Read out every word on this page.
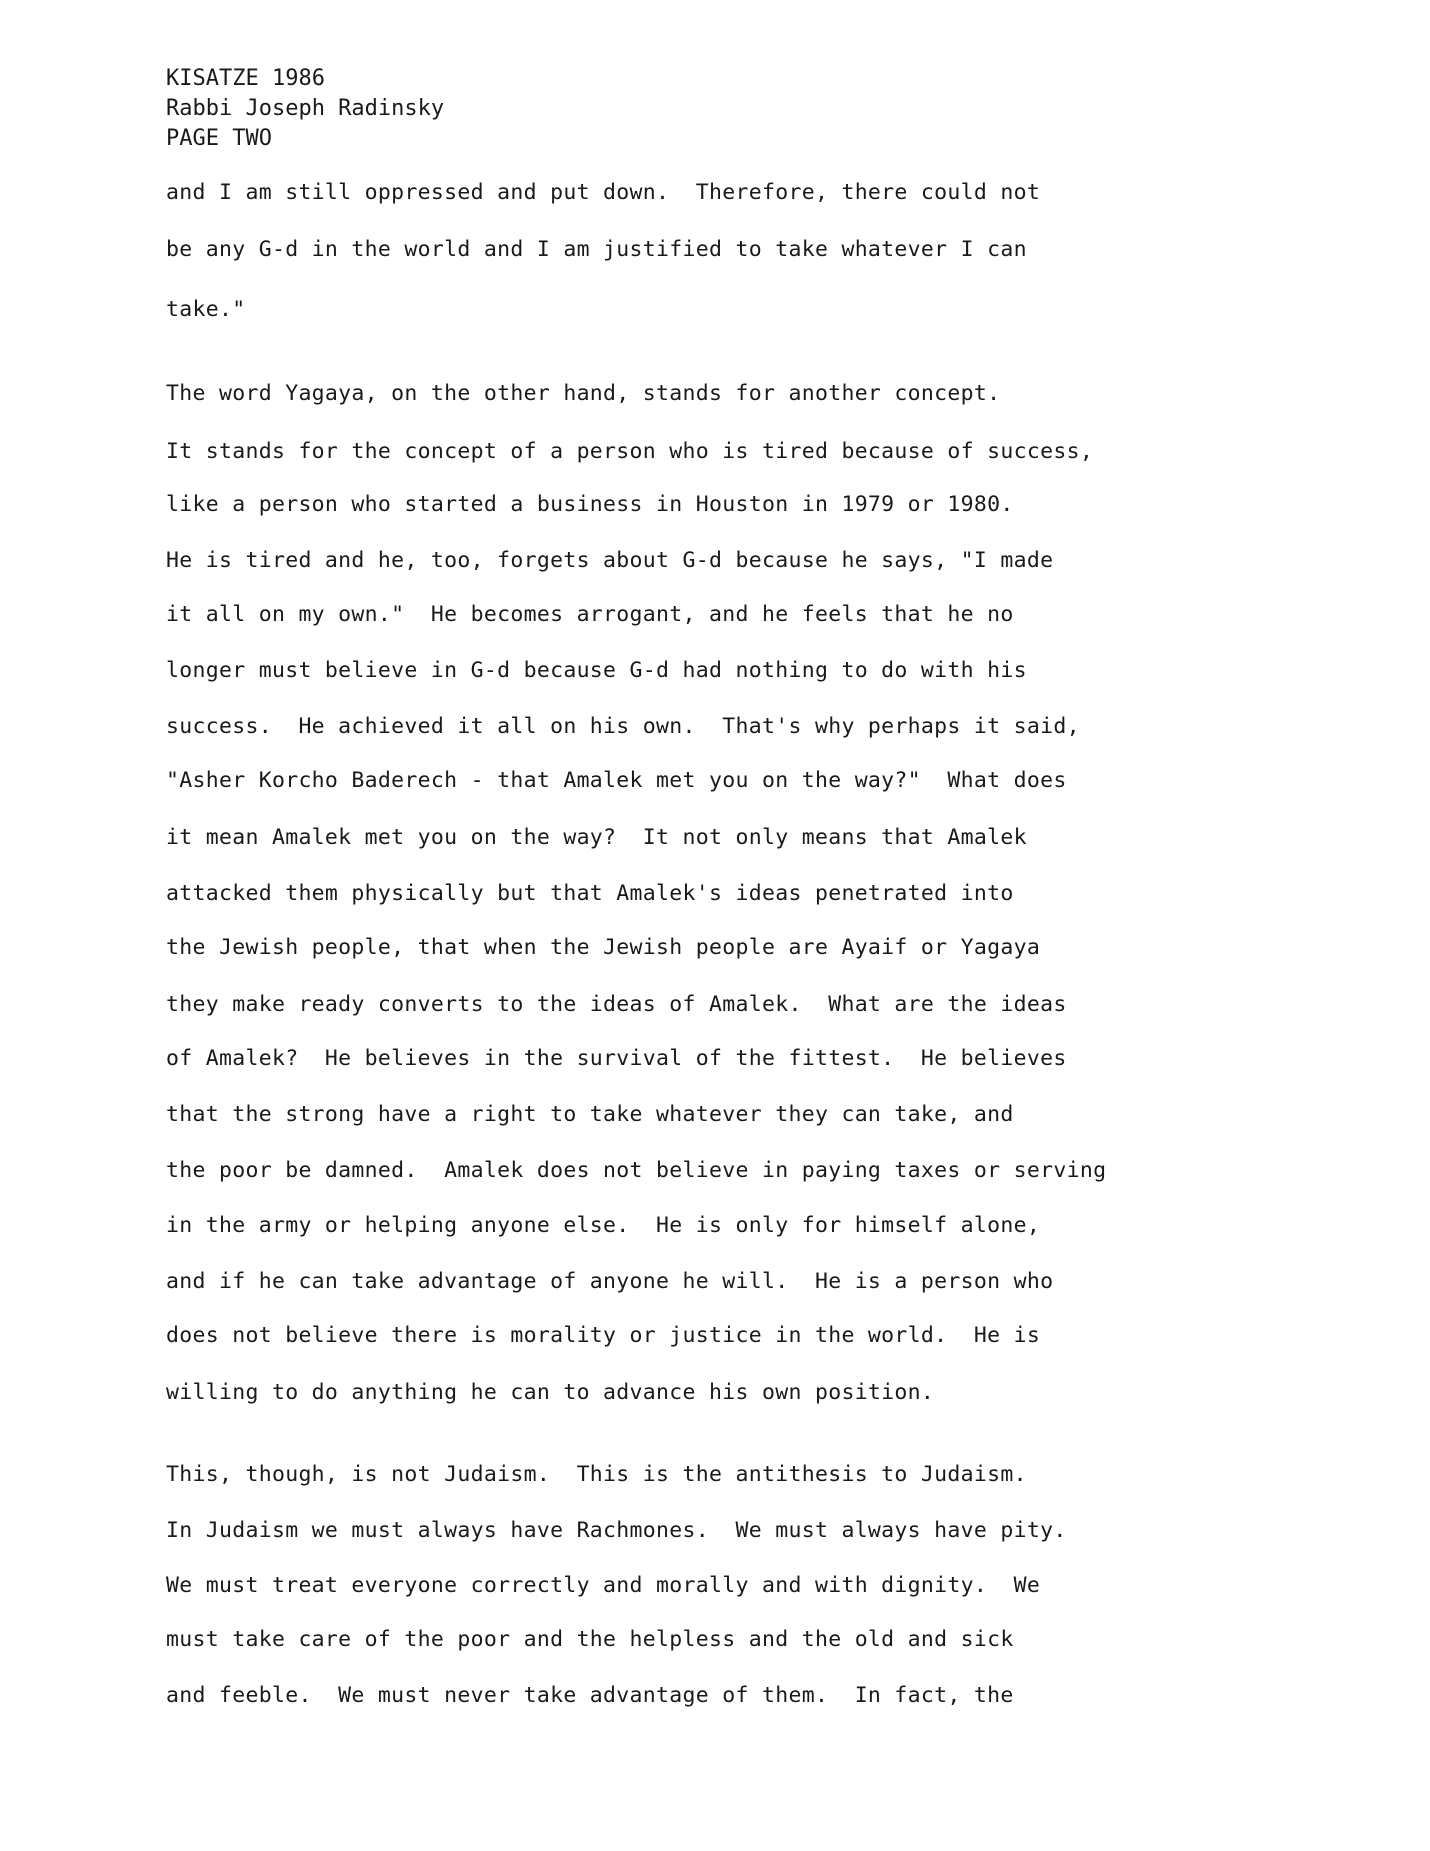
KISATZE 1986
Rabbi Joseph Radinsky
PAGE TWO
and I am still oppressed and put down.  Therefore, there could not
be any G-d in the world and I am justified to take whatever I can
take."
The word Yagaya, on the other hand, stands for another concept.
It stands for the concept of a person who is tired because of success,
like a person who started a business in Houston in 1979 or 1980.
He is tired and he, too, forgets about G-d because he says, "I made
it all on my own."  He becomes arrogant, and he feels that he no
longer must believe in G-d because G-d had nothing to do with his
success.  He achieved it all on his own.  That's why perhaps it said,
"Asher Korcho Baderech - that Amalek met you on the way?"  What does
it mean Amalek met you on the way?  It not only means that Amalek
attacked them physically but that Amalek's ideas penetrated into
the Jewish people, that when the Jewish people are Ayaif or Yagaya
they make ready converts to the ideas of Amalek.  What are the ideas
of Amalek?  He believes in the survival of the fittest.  He believes
that the strong have a right to take whatever they can take, and
the poor be damned.  Amalek does not believe in paying taxes or serving
in the army or helping anyone else.  He is only for himself alone,
and if he can take advantage of anyone he will.  He is a person who
does not believe there is morality or justice in the world.  He is
willing to do anything he can to advance his own position.
This, though, is not Judaism.  This is the antithesis to Judaism.
In Judaism we must always have Rachmones.  We must always have pity.
We must treat everyone correctly and morally and with dignity.  We
must take care of the poor and the helpless and the old and sick
and feeble.  We must never take advantage of them.  In fact, the
